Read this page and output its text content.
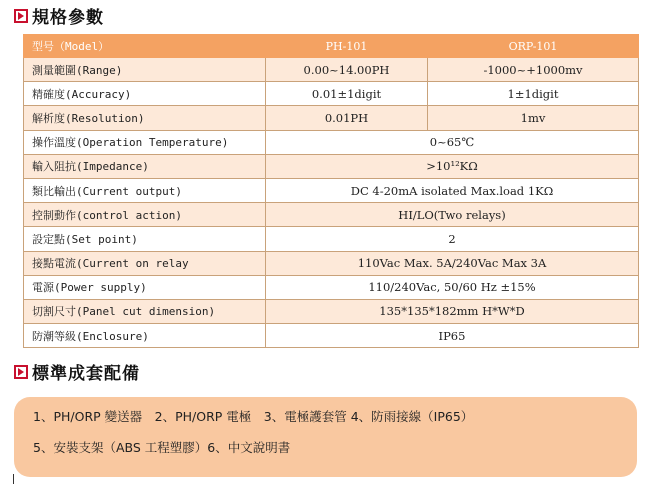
規格參數
型号（Model）	PH-101	ORP-101
測量範圍(Range)	0.00~14.00PH	-1000~+1000mv
精確度(Accuracy)	0.01±1digit	1±1digit
解析度(Resolution)	0.01PH	1mv
操作溫度(Operation Temperature)	0~65℃	
輸入阻抗(Impedance)	>10¹²KΩ	
類比輸出(Current output)	DC 4-20mA isolated Max.load 1KΩ	
控制動作(control action)	HI/LO(Two relays)	
設定點(Set point)	2	
接點電流(Current on relay	110Vac Max. 5A/240Vac Max 3A	
電源(Power supply)	110/240Vac, 50/60 Hz ±15%	
切割尺寸(Panel cut dimension)	135*135*182mm H*W*D	
防潮等級(Enclosure)	IP65	
標準成套配備
1、PH/ORP 變送器　2、PH/ORP 電極　3、電極護套管 4、防雨接線（IP65）
5、安裝支架（ABS 工程塑膠）6、中文說明書
